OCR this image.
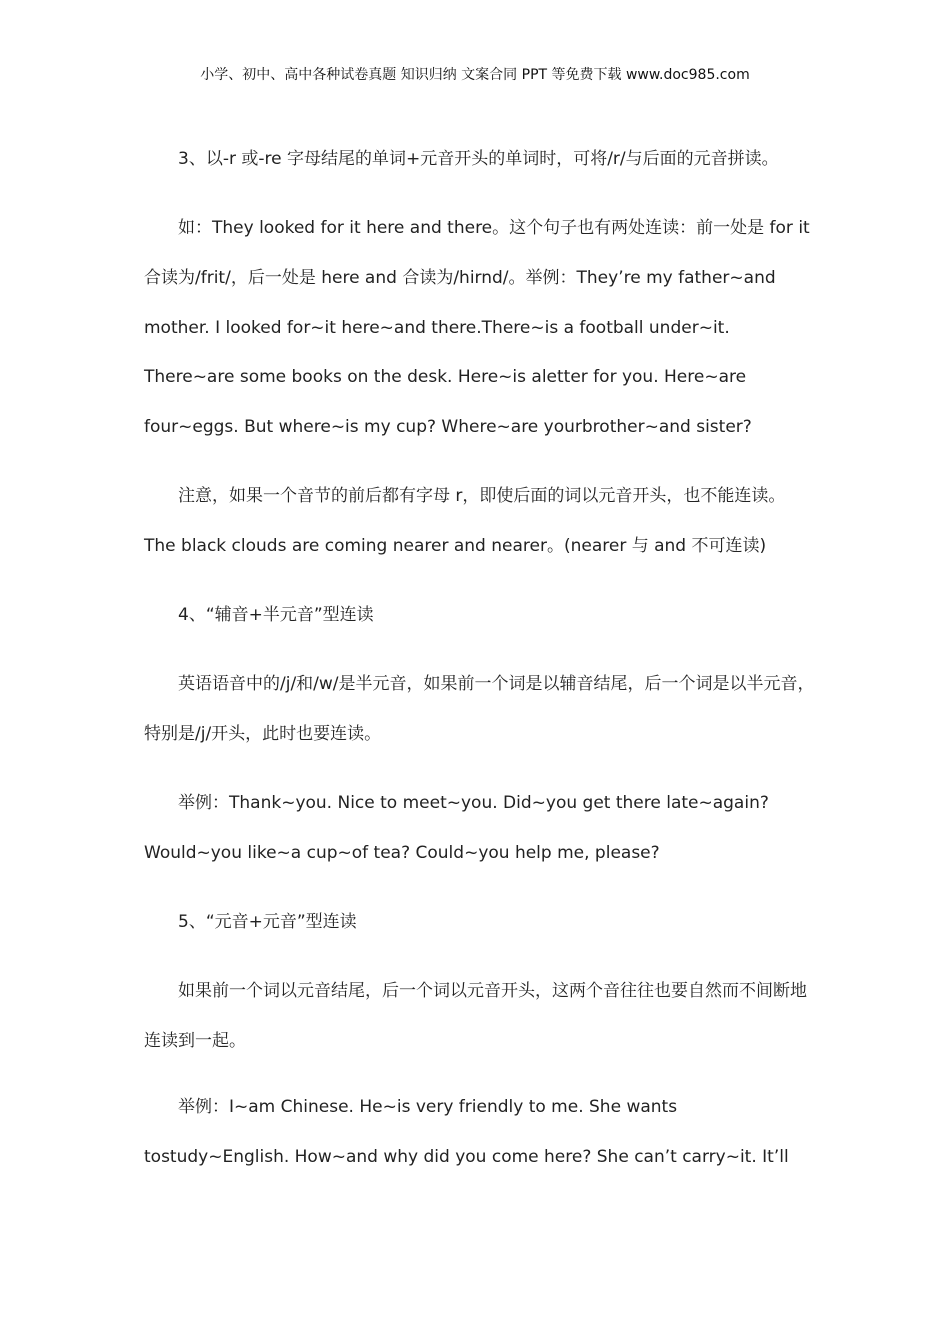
小学、初中、高中各种试卷真题 知识归纳 文案合同 PPT 等免费下载 www.doc985.com
3、以-r 或-re 字母结尾的单词+元音开头的单词时，可将/r/与后面的元音拼读。
如：They looked for it here and there。这个句子也有两处连读：前一处是 for it
合读为/frit/，后一处是 here and 合读为/hirnd/。举例：They’re my father~and
mother. I looked for~it here~and there.There~is a football under~it.
There~are some books on the desk. Here~is aletter for you. Here~are
four~eggs. But where~is my cup? Where~are yourbrother~and sister?
注意，如果一个音节的前后都有字母 r，即使后面的词以元音开头，也不能连读。
The black clouds are coming nearer and nearer。(nearer 与 and 不可连读)
4、“辅音+半元音”型连读
英语语音中的/j/和/w/是半元音，如果前一个词是以辅音结尾，后一个词是以半元音，
特别是/j/开头，此时也要连读。
举例：Thank~you. Nice to meet~you. Did~you get there late~again?
Would~you like~a cup~of tea? Could~you help me, please?
5、“元音+元音”型连读
如果前一个词以元音结尾，后一个词以元音开头，这两个音往往也要自然而不间断地
连读到一起。
举例：I~am Chinese. He~is very friendly to me. She wants
tostudy~English. How~and why did you come here? She can’t carry~it. It’ll
